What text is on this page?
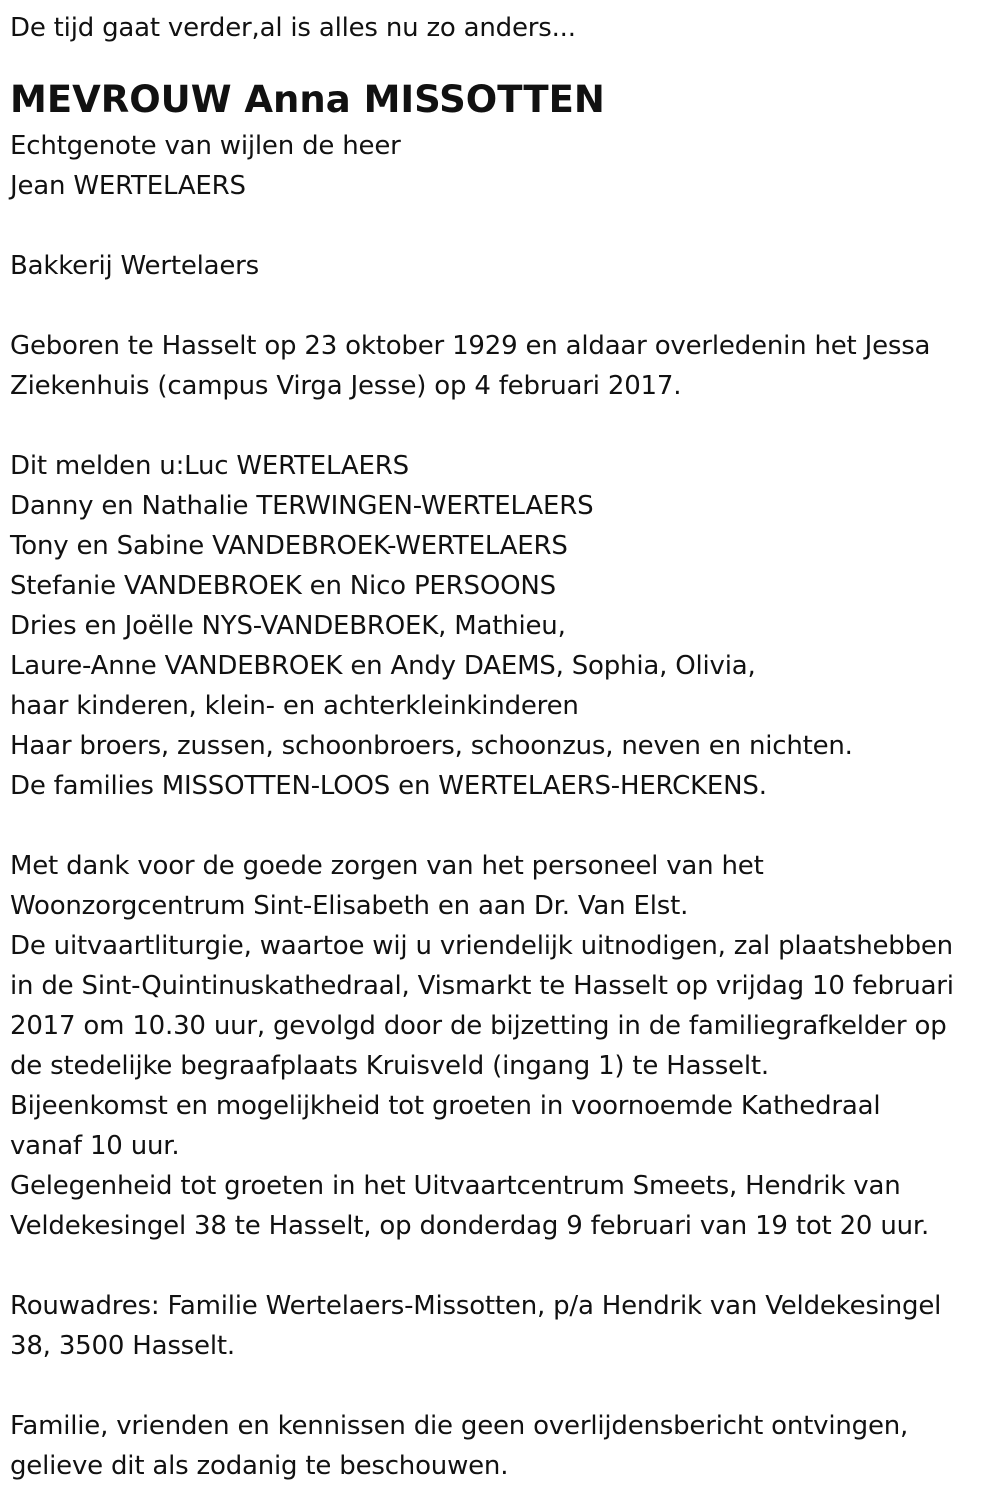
De tijd gaat verder,al is alles nu zo anders...
MEVROUW Anna MISSOTTEN
Echtgenote van wijlen de heer
Jean WERTELAERS
Bakkerij Wertelaers
Geboren te Hasselt op 23 oktober 1929 en aldaar overledenin het Jessa
Ziekenhuis (campus Virga Jesse) op 4 februari 2017.
Dit melden u:Luc WERTELAERS
Danny en Nathalie TERWINGEN-WERTELAERS
Tony en Sabine VANDEBROEK-WERTELAERS
Stefanie VANDEBROEK en Nico PERSOONS
Dries en Joëlle NYS-VANDEBROEK, Mathieu,
Laure-Anne VANDEBROEK en Andy DAEMS, Sophia, Olivia,
haar kinderen, klein- en achterkleinkinderen
Haar broers, zussen, schoonbroers, schoonzus, neven en nichten.
De families MISSOTTEN-LOOS en WERTELAERS-HERCKENS.
Met dank voor de goede zorgen van het personeel van het
Woonzorgcentrum Sint-Elisabeth en aan Dr. Van Elst.
De uitvaartliturgie, waartoe wij u vriendelijk uitnodigen, zal plaatshebben
in de Sint-Quintinuskathedraal, Vismarkt te Hasselt op vrijdag 10 februari
2017 om 10.30 uur, gevolgd door de bijzetting in de familiegrafkelder op
de stedelijke begraafplaats Kruisveld (ingang 1) te Hasselt.
Bijeenkomst en mogelijkheid tot groeten in voornoemde Kathedraal
vanaf 10 uur.
Gelegenheid tot groeten in het Uitvaartcentrum Smeets, Hendrik van
Veldekesingel 38 te Hasselt, op donderdag 9 februari van 19 tot 20 uur.
Rouwadres: Familie Wertelaers-Missotten, p/a Hendrik van Veldekesingel
38, 3500 Hasselt.
Familie, vrienden en kennissen die geen overlijdensbericht ontvingen,
gelieve dit als zodanig te beschouwen.
